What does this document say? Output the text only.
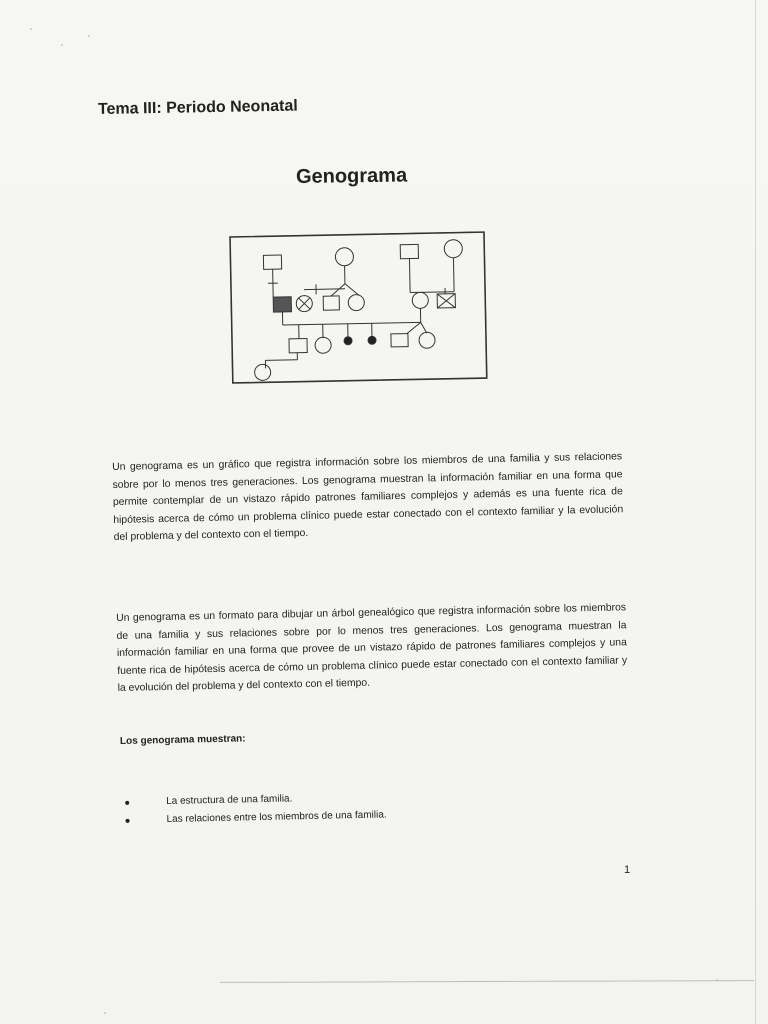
Tema III: Periodo Neonatal
Genograma

Un genograma es un gráfico que registra información sobre los miembros de una familia y sus relaciones sobre por lo menos tres generaciones. Los genograma muestran la información familiar en una forma que permite contemplar de un vistazo rápido patrones familiares complejos y además es una fuente rica de hipótesis acerca de cómo un problema clínico puede estar conectado con el contexto familiar y la evolución del problema y del contexto con el tiempo.

Un genograma es un formato para dibujar un árbol genealógico que registra información sobre los miembros de una familia y sus relaciones sobre por lo menos tres generaciones. Los genograma muestran la información familiar en una forma que provee de un vistazo rápido de patrones familiares complejos y una fuente rica de hipótesis acerca de cómo un problema clínico puede estar conectado con el contexto familiar y la evolución del problema y del contexto con el tiempo.

Los genograma muestran:
La estructura de una familia.
Las relaciones entre los miembros de una familia.
1
